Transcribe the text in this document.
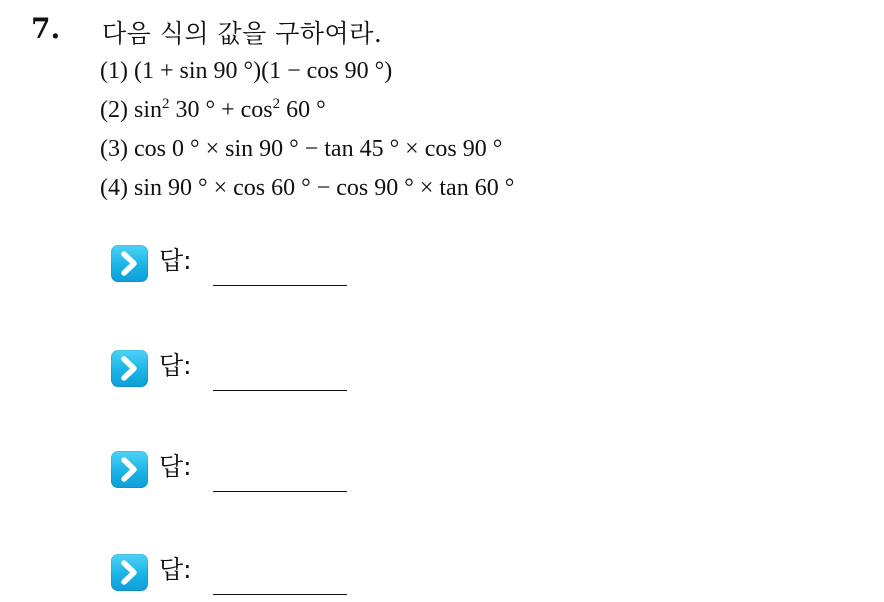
7. 다음 식의 값을 구하여라.
(1) (1 + sin 90 °)(1 − cos 90 °)
(2) $\sin^2 30$ ° + $\cos^2 60$ °
(3) cos 0 ° × sin 90 ° − tan 45 ° × cos 90 °
(4) sin 90 ° × cos 60 ° − cos 90 ° × tan 60 °
답:
답:
답:
답:
